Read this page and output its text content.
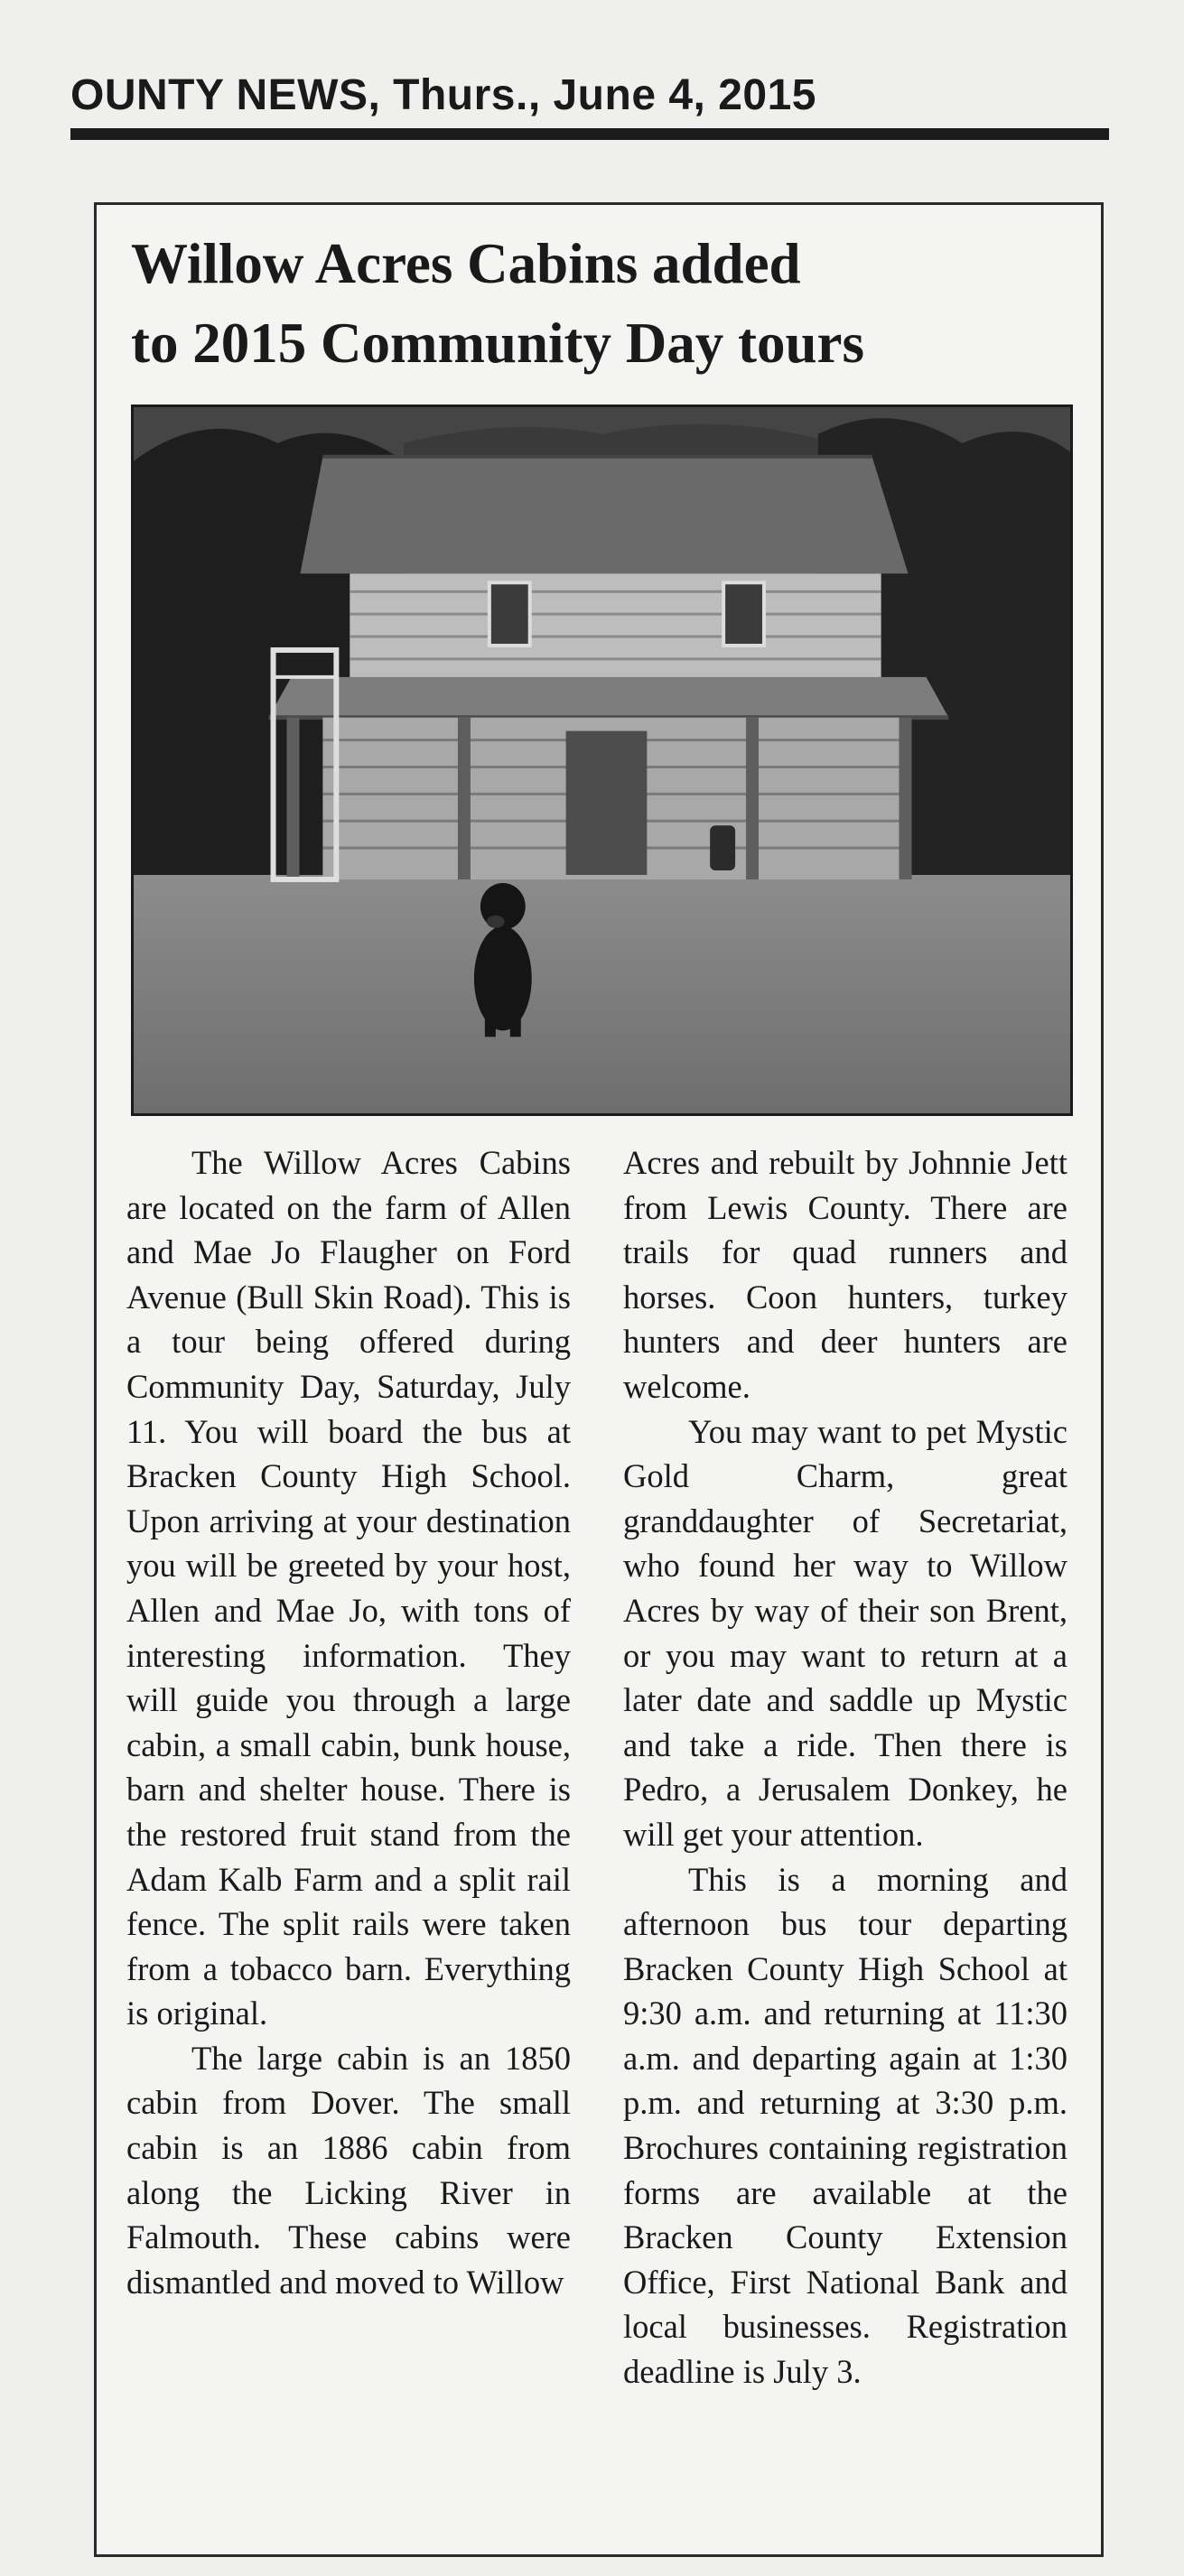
OUNTY NEWS, Thurs., June 4, 2015
Willow Acres Cabins added
to 2015 Community Day tours

The Willow Acres Cabins are located on the farm of Allen and Mae Jo Flaugher on Ford Avenue (Bull Skin Road). This is a tour being offered during Community Day, Saturday, July 11. You will board the bus at Bracken County High School. Upon arriving at your destination you will be greeted by your host, Allen and Mae Jo, with tons of interesting information. They will guide you through a large cabin, a small cabin, bunk house, barn and shelter house. There is the restored fruit stand from the Adam Kalb Farm and a split rail fence. The split rails were taken from a tobacco barn. Everything is original.

The large cabin is an 1850 cabin from Dover. The small cabin is an 1886 cabin from along the Licking River in Falmouth. These cabins were dismantled and moved to Willow

Acres and rebuilt by Johnnie Jett from Lewis County. There are trails for quad runners and horses. Coon hunters, turkey hunters and deer hunters are welcome.

You may want to pet Mystic Gold Charm, great granddaughter of Secretariat, who found her way to Willow Acres by way of their son Brent, or you may want to return at a later date and saddle up Mystic and take a ride. Then there is Pedro, a Jerusalem Donkey, he will get your attention.

This is a morning and afternoon bus tour departing Bracken County High School at 9:30 a.m. and returning at 11:30 a.m. and departing again at 1:30 p.m. and returning at 3:30 p.m. Brochures containing registration forms are available at the Bracken County Extension Office, First National Bank and local businesses. Registration deadline is July 3.
